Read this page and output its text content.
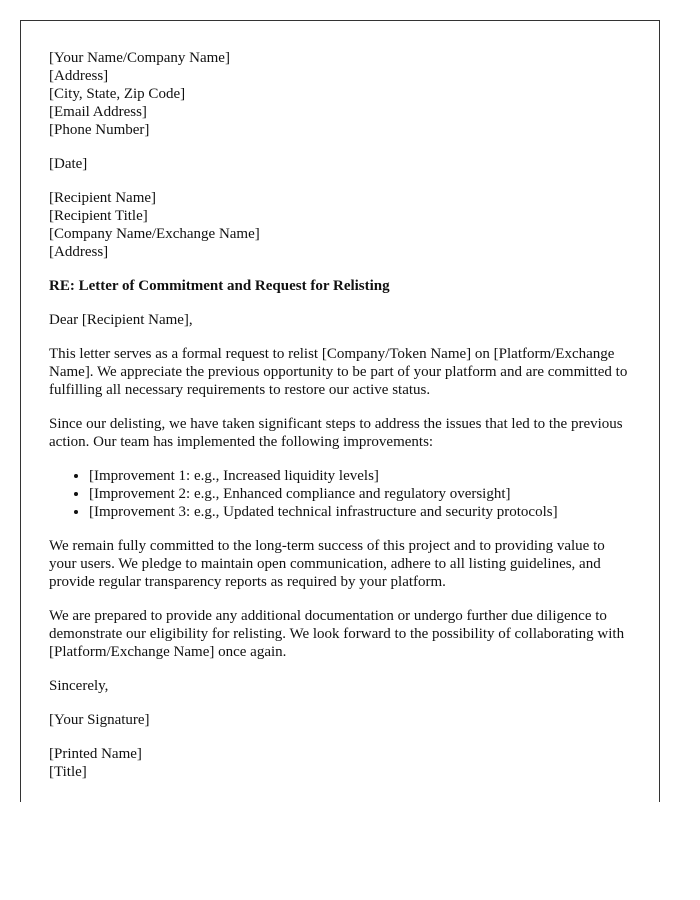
[Your Name/Company Name]
[Address]
[City, State, Zip Code]
[Email Address]
[Phone Number]

[Date]

[Recipient Name]
[Recipient Title]
[Company Name/Exchange Name]
[Address]

RE: Letter of Commitment and Request for Relisting

Dear [Recipient Name],

This letter serves as a formal request to relist [Company/Token Name] on [Platform/Exchange Name]. We appreciate the previous opportunity to be part of your platform and are committed to fulfilling all necessary requirements to restore our active status.

Since our delisting, we have taken significant steps to address the issues that led to the previous action. Our team has implemented the following improvements:

• [Improvement 1: e.g., Increased liquidity levels]
• [Improvement 2: e.g., Enhanced compliance and regulatory oversight]
• [Improvement 3: e.g., Updated technical infrastructure and security protocols]

We remain fully committed to the long-term success of this project and to providing value to your users. We pledge to maintain open communication, adhere to all listing guidelines, and provide regular transparency reports as required by your platform.

We are prepared to provide any additional documentation or undergo further due diligence to demonstrate our eligibility for relisting. We look forward to the possibility of collaborating with [Platform/Exchange Name] once again.

Sincerely,

[Your Signature]

[Printed Name]
[Title]
